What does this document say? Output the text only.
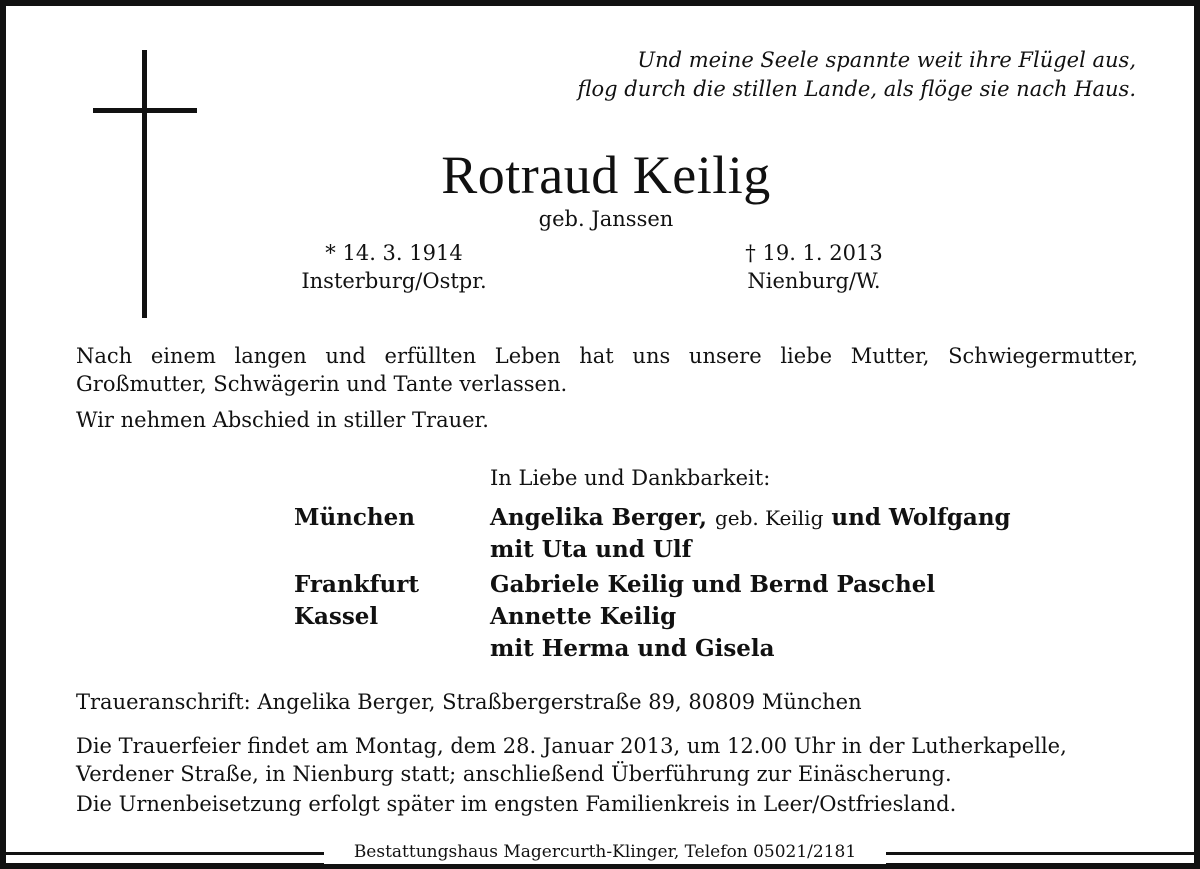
Und meine Seele spannte weit ihre Flügel aus,
flog durch die stillen Lande, als flöge sie nach Haus.
Rotraud Keilig
geb. Janssen
* 14. 3. 1914
Insterburg/Ostpr.
† 19. 1. 2013
Nienburg/W.
Nach einem langen und erfüllten Leben hat uns unsere liebe Mutter, Schwiegermutter, Großmutter, Schwägerin und Tante verlassen.
Wir nehmen Abschied in stiller Trauer.
In Liebe und Dankbarkeit:
München	Angelika Berger, geb. Keilig und Wolfgang
mit Uta und Ulf
Frankfurt	Gabriele Keilig und Bernd Paschel
Kassel	Annette Keilig
mit Herma und Gisela
Traueranschrift: Angelika Berger, Straßbergerstraße 89, 80809 München
Die Trauerfeier findet am Montag, dem 28. Januar 2013, um 12.00 Uhr in der Lutherkapelle,
Verdener Straße, in Nienburg statt; anschließend Überführung zur Einäscherung.
Die Urnenbeisetzung erfolgt später im engsten Familienkreis in Leer/Ostfriesland.
Bestattungshaus Magercurth-Klinger, Telefon 05021/2181
